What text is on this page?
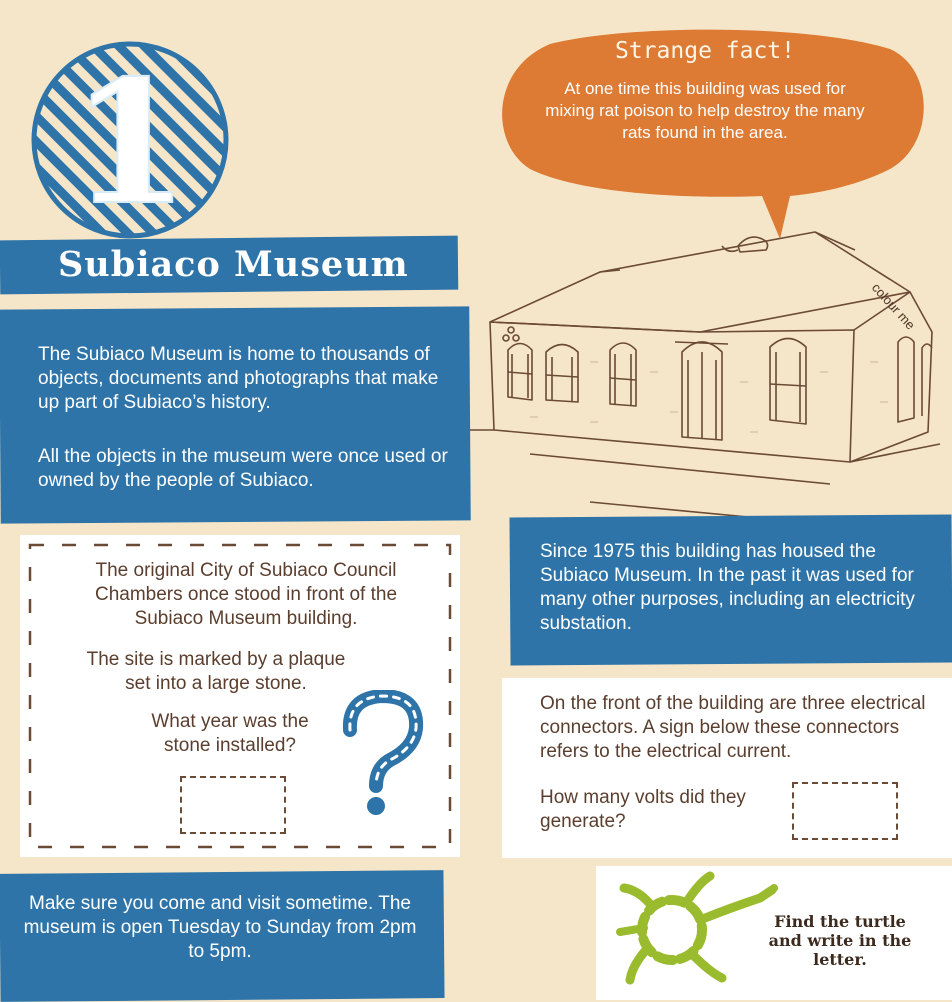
1
Subiaco Museum
The Subiaco Museum is home to thousands of objects, documents and photographs that make up part of Subiaco’s history.
All the objects in the museum were once used or owned by the people of Subiaco.
Strange fact!
At one time this building was used for mixing rat poison to help destroy the many rats found in the area.
colour me
The original City of Subiaco Council Chambers once stood in front of the Subiaco Museum building.
The site is marked by a plaque set into a large stone.
What year was the stone installed?
Since 1975 this building has housed the Subiaco Museum. In the past it was used for many other purposes, including an electricity substation.
On the front of the building are three electrical connectors. A sign below these connectors refers to the electrical current.
How many volts did they generate?
Make sure you come and visit sometime. The museum is open Tuesday to Sunday from 2pm to 5pm.
Find the turtle and write in the letter.
